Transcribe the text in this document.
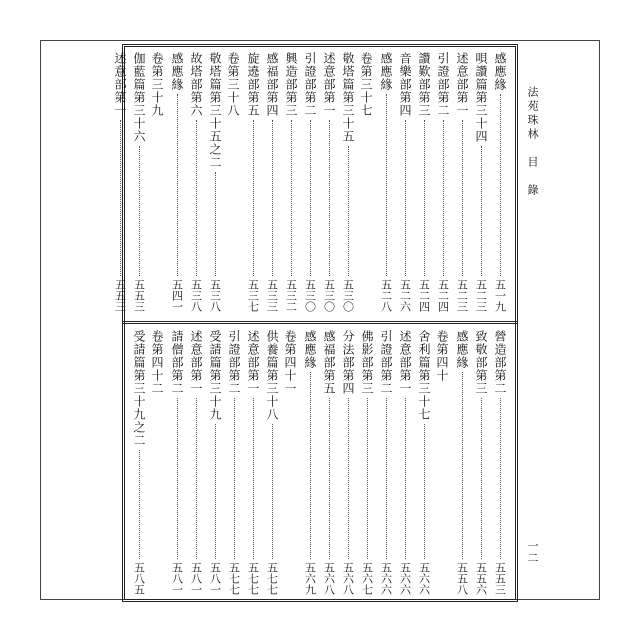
法苑珠林　目　錄
一二
感應緣
五一九
唄讚篇第三十四
五二三
述意部第一
五二三
引證部第二
五二四
讚歎部第三
五二四
音樂部第四
五二六
感應緣
五二八
卷第三十七
敬塔篇第三十五
五三〇
述意部第一
五三〇
引證部第二
五三〇
興造部第三
五三二
感福部第四
五三三
旋遶部第五
五三七
卷第三十八
敬塔篇第三十五之二
五三八
故塔部第六
五三八
感應緣
五四一
卷第三十九
伽藍篇第三十六
五五三
述意部第一
五五三
營造部第二
五五三
致敬部第三
五五六
感應緣
五五八
卷第四十
舍利篇第三十七
五六六
述意部第一
五六六
引證部第二
五六六
佛影部第三
五六七
分法部第四
五六八
感福部第五
五六八
感應緣
五六九
卷第四十一
供養篇第三十八
五七七
述意部第一
五七七
引證部第二
五七七
受請篇第三十九
五八一
述意部第一
五八一
請僧部第二
五八一
卷第四十二
受請篇第三十九之二
五八五
